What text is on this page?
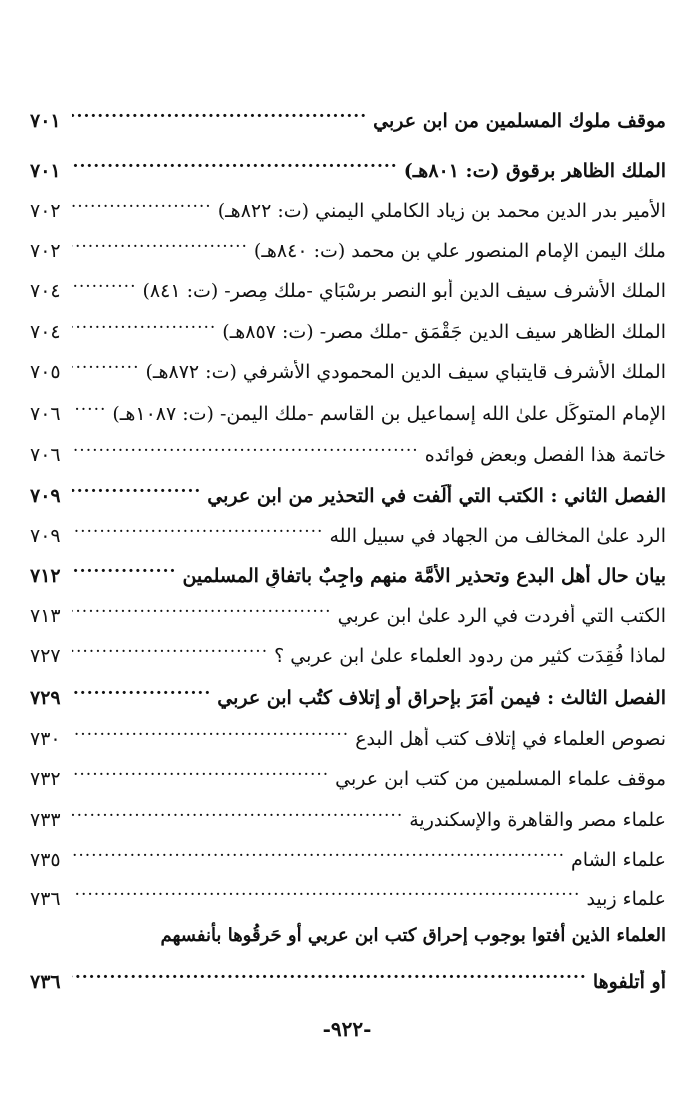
موقف ملوك المسلمين من ابن عربي
.....
٧٠١
الملك الظاهر برقوق (ت: ٨٠١هـ)
.....
٧٠١
الأمير بدر الدين محمد بن زياد الكاملي اليمني (ت: ٨٢٢هـ)
.....
٧٠٢
ملك اليمن الإمام المنصور علي بن محمد (ت: ٨٤٠هـ)
.....
٧٠٢
الملك الأشرف سيف الدين أبو النصر برسْبَاي -ملك مِصر- (ت: ٨٤١)
.....
٧٠٤
الملك الظاهر سيف الدين جَقْمَق -ملك مصر- (ت: ٨٥٧هـ)
.....
٧٠٤
الملك الأشرف قايتباي سيف الدين المحمودي الأشرفي (ت: ٨٧٢هـ)
.....
٧٠٥
الإمام المتوكِّل علىٰ الله إسماعيل بن القاسم -ملك اليمن- (ت: ١٠٨٧هـ)
.....
٧٠٦
خاتمة هذا الفصل وبعض فوائده
.....
٧٠٦
الفصل الثاني : الكتب التي أُلِّفت في التحذير من ابن عربي
.....
٧٠٩
الرد علىٰ المخالف من الجهاد في سبيل الله
.....
٧٠٩
بيان حال أهل البدع وتحذير الأمَّة منهم واجِبٌ باتفاقِ المسلمين
.....
٧١٢
الكتب التي أفردت في الرد علىٰ ابن عربي
.....
٧١٣
لماذا فُقِدَت كثير من ردود العلماء علىٰ ابن عربي ؟
.....
٧٢٧
الفصل الثالث : فيمن أَمَرَ بإحراق أو إتلاف كتُب ابن عربي
.....
٧٢٩
نصوص العلماء في إتلاف كتب أهل البدع
.....
٧٣٠
موقف علماء المسلمين من كتب ابن عربي
.....
٧٣٢
علماء مصر والقاهرة والإسكندرية
.....
٧٣٣
علماء الشام
.....
٧٣٥
علماء زبيد
.....
٧٣٦
العلماء الذين أفتوا بوجوب إحراق كتب ابن عربي أو حَرقُوها بأنفسهم
أو أتلفوها
.....
٧٣٦
-٩٢٢-
